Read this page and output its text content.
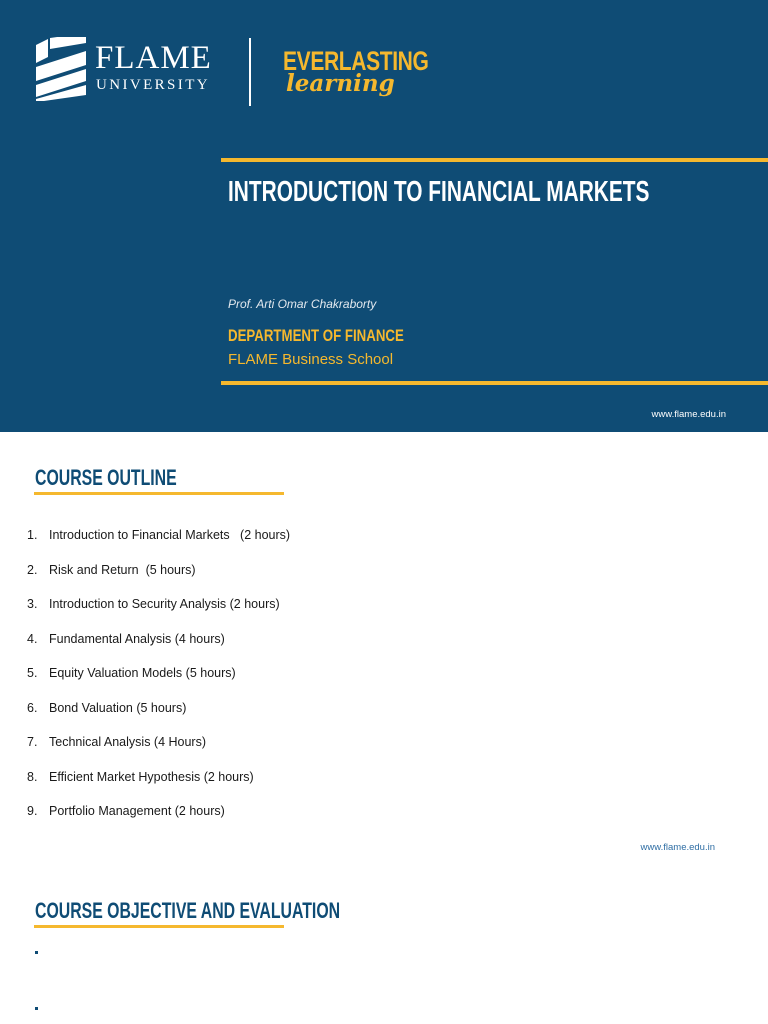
FLAME
UNIVERSITY
EVERLASTING
learning
INTRODUCTION TO FINANCIAL MARKETS
Prof. Arti Omar Chakraborty
DEPARTMENT OF FINANCE
FLAME Business School
www.flame.edu.in
COURSE OUTLINE

1.

Introduction to Financial Markets   (2 hours)

2.

Risk and Return  (5 hours)

3.

Introduction to Security Analysis (2 hours)

4.

Fundamental Analysis (4 hours)

5.

Equity Valuation Models (5 hours)

6.

Bond Valuation (5 hours)

7.

Technical Analysis (4 Hours)

8.

Efficient Market Hypothesis (2 hours)

9.

Portfolio Management (2 hours)

www.flame.edu.in
COURSE OBJECTIVE AND EVALUATION
